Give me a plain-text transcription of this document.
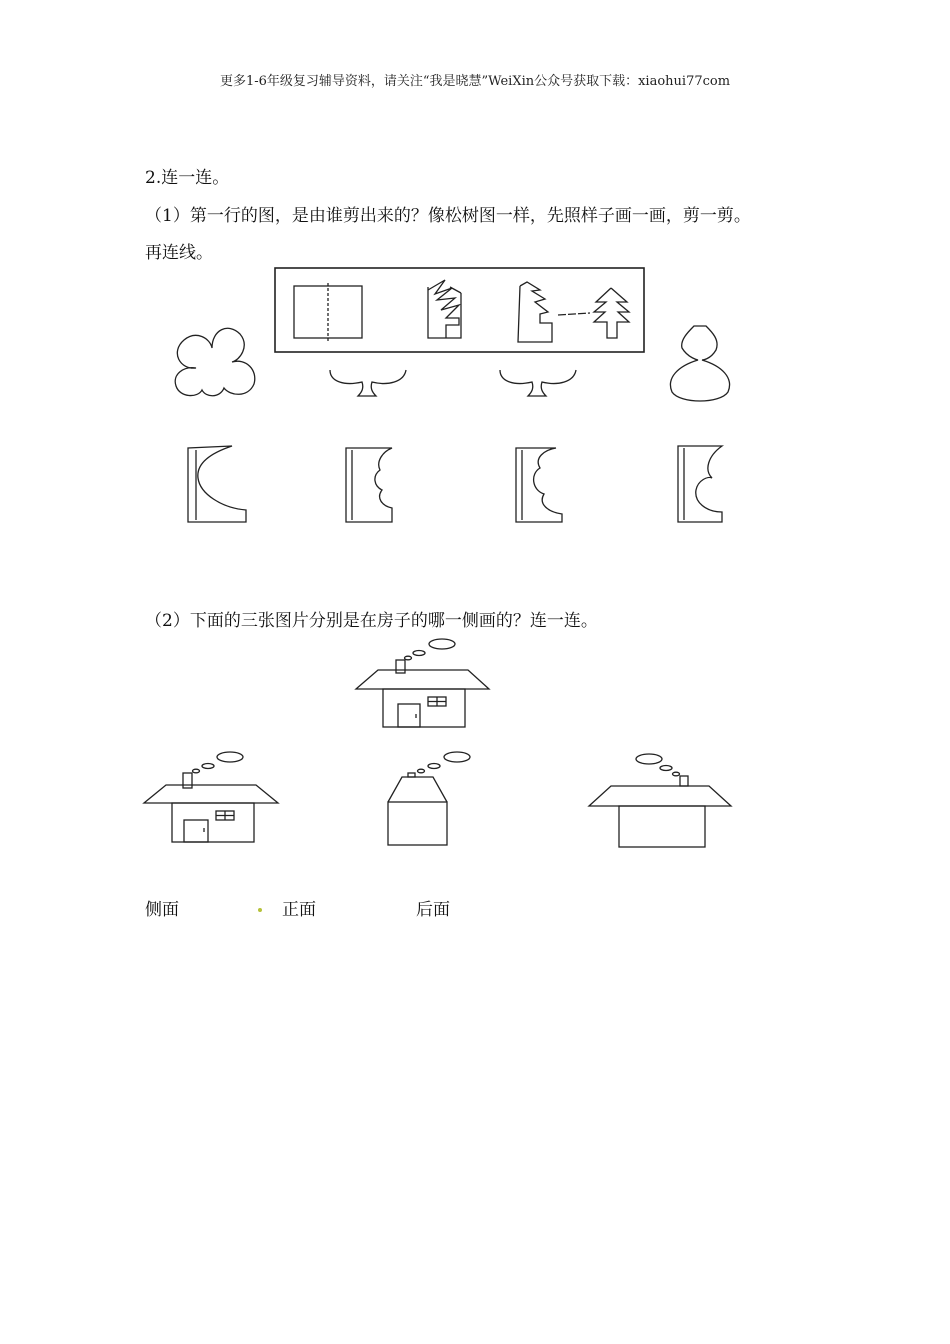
更多1-6年级复习辅导资料，请关注“我是晓慧”WeiXin公众号获取下载：xiaohui77com
2.连一连。
（1）第一行的图，是由谁剪出来的？像松树图一样，先照样子画一画，剪一剪。
再连线。
（2）下面的三张图片分别是在房子的哪一侧画的？连一连。
侧面	正面	后面
